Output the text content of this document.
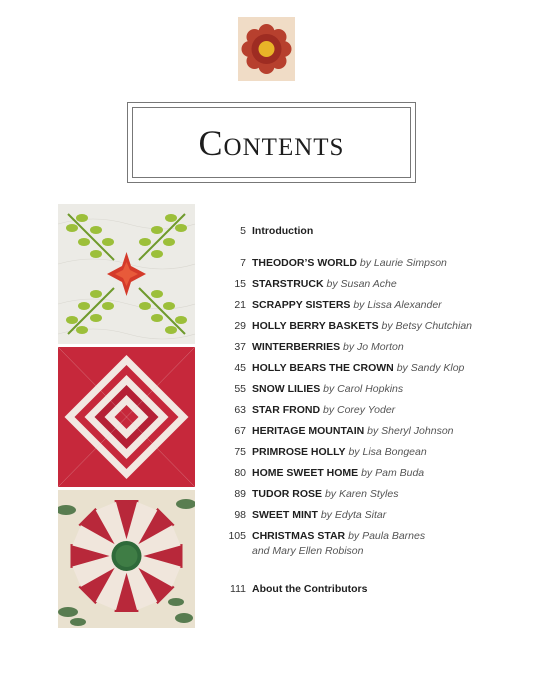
Contents
5 Introduction
7 THEODOR’S WORLD by Laurie Simpson
15 STARSTRUCK by Susan Ache
21 SCRAPPY SISTERS by Lissa Alexander
29 HOLLY BERRY BASKETS by Betsy Chutchian
37 WINTERBERRIES by Jo Morton
45 HOLLY BEARS THE CROWN by Sandy Klop
55 SNOW LILIES by Carol Hopkins
63 STAR FROND by Corey Yoder
67 HERITAGE MOUNTAIN by Sheryl Johnson
75 PRIMROSE HOLLY by Lisa Bongean
80 HOME SWEET HOME by Pam Buda
89 TUDOR ROSE by Karen Styles
98 SWEET MINT by Edyta Sitar
105 CHRISTMAS STAR by Paula Barnes
and Mary Ellen Robison
111 About the Contributors
